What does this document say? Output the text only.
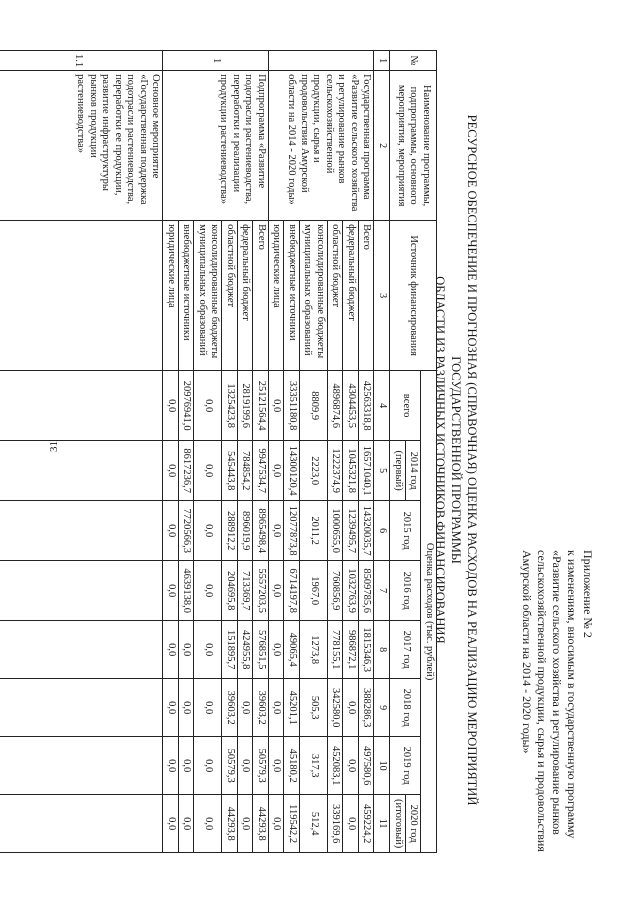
31
Приложение № 2
к изменениям, вносимым в государственную программу «Развитие сельского хозяйства и регулирование рынков сельскохозяйственной продукции, сырья и продовольствия Амурской области на 2014 - 2020 годы»
РЕСУРСНОЕ ОБЕСПЕЧЕНИЕ И ПРОГНОЗНАЯ (СПРАВОЧНАЯ) ОЦЕНКА РАСХОДОВ НА РЕАЛИЗАЦИЮ МЕРОПРИЯТИЙ ГОСУДАРСТВЕННОЙ ПРОГРАММЫ
ОБЛАСТИ ИЗ РАЗЛИЧНЫХ ИСТОЧНИКОВ ФИНАНСИРОВАНИЯ
№	Наименование программы, подпрограммы, основного мероприятия, мероприятия	Источник финансирования	Оценка расходов (тыс. рублей)							
			всего	2014 год	2015 год	2016 год	2017 год	2018 год	2019 год	2020 год
				(первый)						(итоговый)
1	2	3	4	5	6	7	8	9	10	11
	Государственная программа «Развитие сельского хозяйства и регулирование рынков сельскохозяйственной продукции, сырья и продовольствия Амурской области на 2014 - 2020 годы»	Всего	42563318,8	16571040,1	14320035,7	8509785,6	1815346,3	388286,3	497580,6	459224,2
		федеральный бюджет	4304453,5	1045321,8	1239495,7	1032763,9	986872,1	0,0	0,0	0,0
		областной бюджет	4896874,6	1222374,9	1000655,0	760856,9	778155,1	342580,0	452083,1	339169,6
		консолидированные бюджеты муниципальных образований	8809,9	2223,0	2011,2	1967,0	1273,8	505,3	317,3	512,4
		внебюджетные источники	33351180,8	14300120,4	12077873,8	6714197,8	49065,4	45201,1	45180,2	119542,2
		юридические лица	0,0	0,0	0,0	0,0	0,0	0,0	0,0	0,0
1	Подпрограмма «Развитие подотрасли растениеводства, переработки и реализации продукции растениеводства»	Всего	25121564,4	9947534,7	8965498,4	5557203,5	576851,5	39603,2	50579,3	44293,8
		федеральный бюджет	2819199,6	784854,2	896019,9	713369,7	424955,8	0,0	0,0	0,0
		областной бюджет	1325423,8	545443,8	288912,2	204695,8	151895,7	39603,2	50579,3	44293,8
		консолидированные бюджеты муниципальных образований	0,0	0,0	0,0	0,0	0,0	0,0	0,0	0,0
		внебюджетные источники	20976941,0	8617236,7	7720566,3	4639138,0	0,0	0,0	0,0	0,0
		юридические лица	0,0	0,0	0,0	0,0	0,0	0,0	0,0	0,0
1.1	Основное мероприятие «Государственная поддержка подотрасли растениеводства, переработки ее продукции, развитие инфраструктуры рынков продукции растениеводства»									
